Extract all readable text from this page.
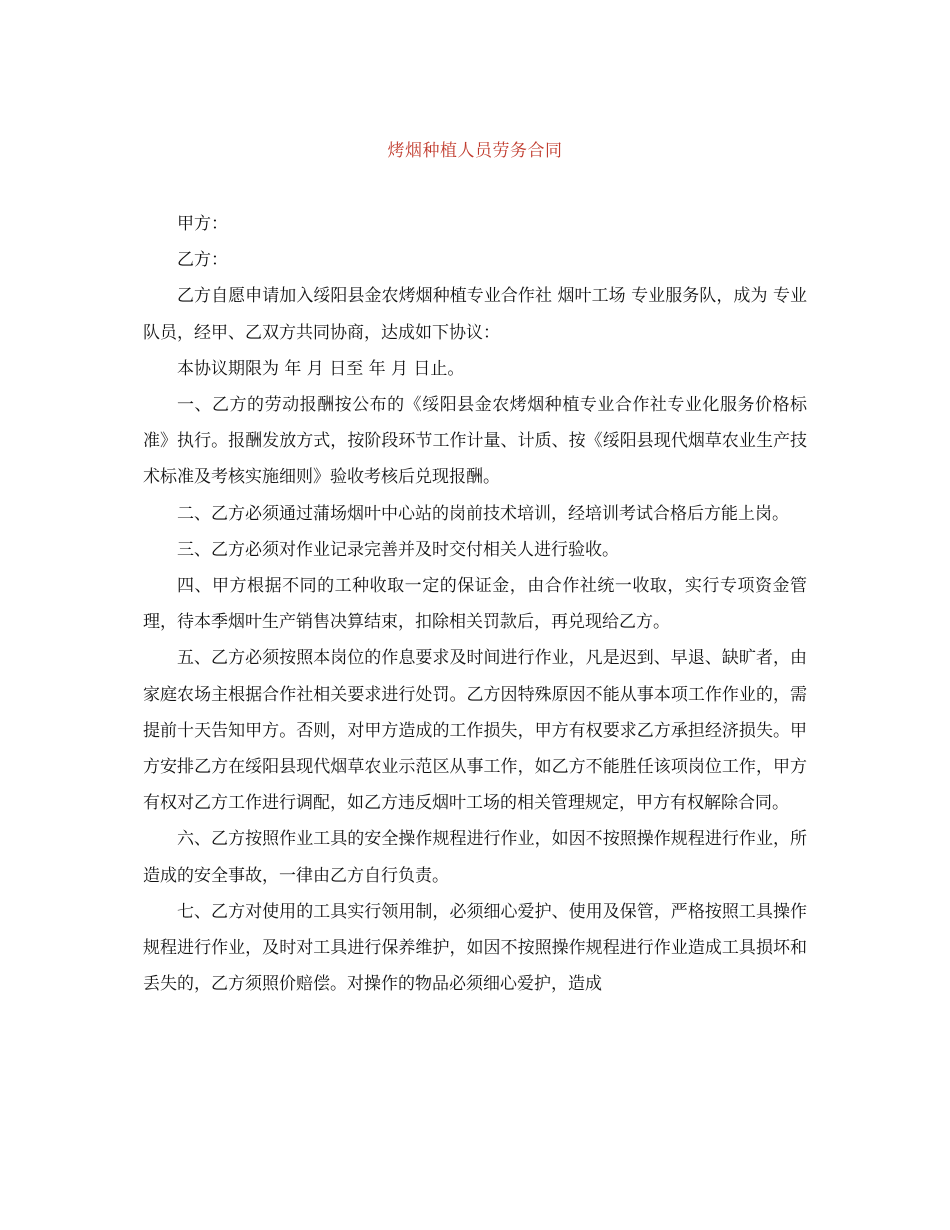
烤烟种植人员劳务合同

甲方：

乙方：

乙方自愿申请加入绥阳县金农烤烟种植专业合作社 烟叶工场 专业服务队，成为 专业队员，经甲、乙双方共同协商，达成如下协议：

本协议期限为 年 月 日至 年 月 日止。

一、乙方的劳动报酬按公布的《绥阳县金农烤烟种植专业合作社专业化服务价格标准》执行。报酬发放方式，按阶段环节工作计量、计质、按《绥阳县现代烟草农业生产技术标准及考核实施细则》验收考核后兑现报酬。

二、乙方必须通过蒲场烟叶中心站的岗前技术培训，经培训考试合格后方能上岗。

三、乙方必须对作业记录完善并及时交付相关人进行验收。

四、甲方根据不同的工种收取一定的保证金，由合作社统一收取，实行专项资金管理，待本季烟叶生产销售决算结束，扣除相关罚款后，再兑现给乙方。

五、乙方必须按照本岗位的作息要求及时间进行作业，凡是迟到、早退、缺旷者，由家庭农场主根据合作社相关要求进行处罚。乙方因特殊原因不能从事本项工作作业的，需提前十天告知甲方。否则，对甲方造成的工作损失，甲方有权要求乙方承担经济损失。甲方安排乙方在绥阳县现代烟草农业示范区从事工作，如乙方不能胜任该项岗位工作，甲方有权对乙方工作进行调配，如乙方违反烟叶工场的相关管理规定，甲方有权解除合同。

六、乙方按照作业工具的安全操作规程进行作业，如因不按照操作规程进行作业，所造成的安全事故，一律由乙方自行负责。

七、乙方对使用的工具实行领用制，必须细心爱护、使用及保管，严格按照工具操作规程进行作业，及时对工具进行保养维护，如因不按照操作规程进行作业造成工具损坏和丢失的，乙方须照价赔偿。对操作的物品必须细心爱护，造成
